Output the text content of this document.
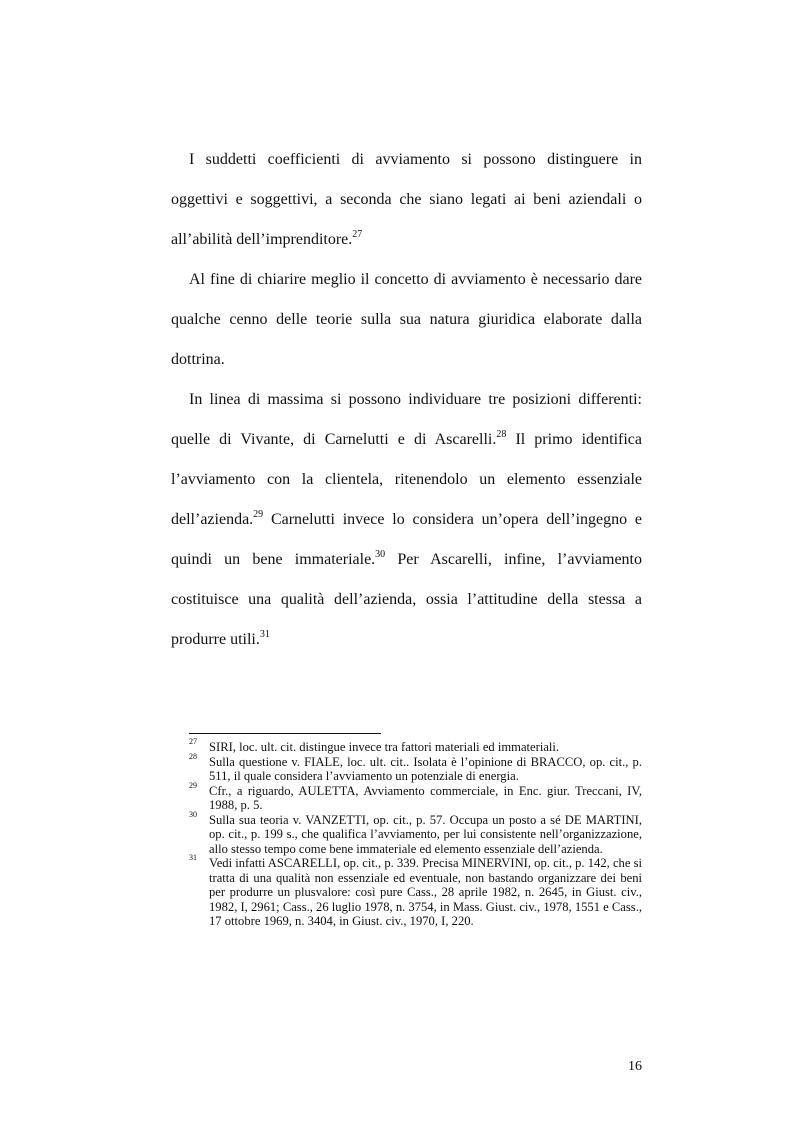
I suddetti coefficienti di avviamento si possono distinguere in oggettivi e soggettivi, a seconda che siano legati ai beni aziendali o all’abilità dell’imprenditore.$^{27}$

Al fine di chiarire meglio il concetto di avviamento è necessario dare qualche cenno delle teorie sulla sua natura giuridica elaborate dalla dottrina.

In linea di massima si possono individuare tre posizioni differenti: quelle di Vivante, di Carnelutti e di Ascarelli.$^{28}$ Il primo identifica l’avviamento con la clientela, ritenendolo un elemento essenziale dell’azienda.$^{29}$ Carnelutti invece lo considera un’opera dell’ingegno e quindi un bene immateriale.$^{30}$ Per Ascarelli, infine, l’avviamento costituisce una qualità dell’azienda, ossia l’attitudine della stessa a produrre utili.$^{31}$

27 SIRI, loc. ult. cit. distingue invece tra fattori materiali ed immateriali.

28 Sulla questione v. FIALE, loc. ult. cit.. Isolata è l’opinione di BRACCO, op. cit., p. 511, il quale considera l’avviamento un potenziale di energia.

29 Cfr., a riguardo, AULETTA, Avviamento commerciale, in Enc. giur. Treccani, IV, 1988, p. 5.

30 Sulla sua teoria v. VANZETTI, op. cit., p. 57. Occupa un posto a sé DE MARTINI, op. cit., p. 199 s., che qualifica l’avviamento, per lui consistente nell’organizzazione, allo stesso tempo come bene immateriale ed elemento essenziale dell’azienda.

31 Vedi infatti ASCARELLI, op. cit., p. 339. Precisa MINERVINI, op. cit., p. 142, che si tratta di una qualità non essenziale ed eventuale, non bastando organizzare dei beni per produrre un plusvalore: così pure Cass., 28 aprile 1982, n. 2645, in Giust. civ., 1982, I, 2961; Cass., 26 luglio 1978, n. 3754, in Mass. Giust. civ., 1978, 1551 e Cass., 17 ottobre 1969, n. 3404, in Giust. civ., 1970, I, 220.

16
